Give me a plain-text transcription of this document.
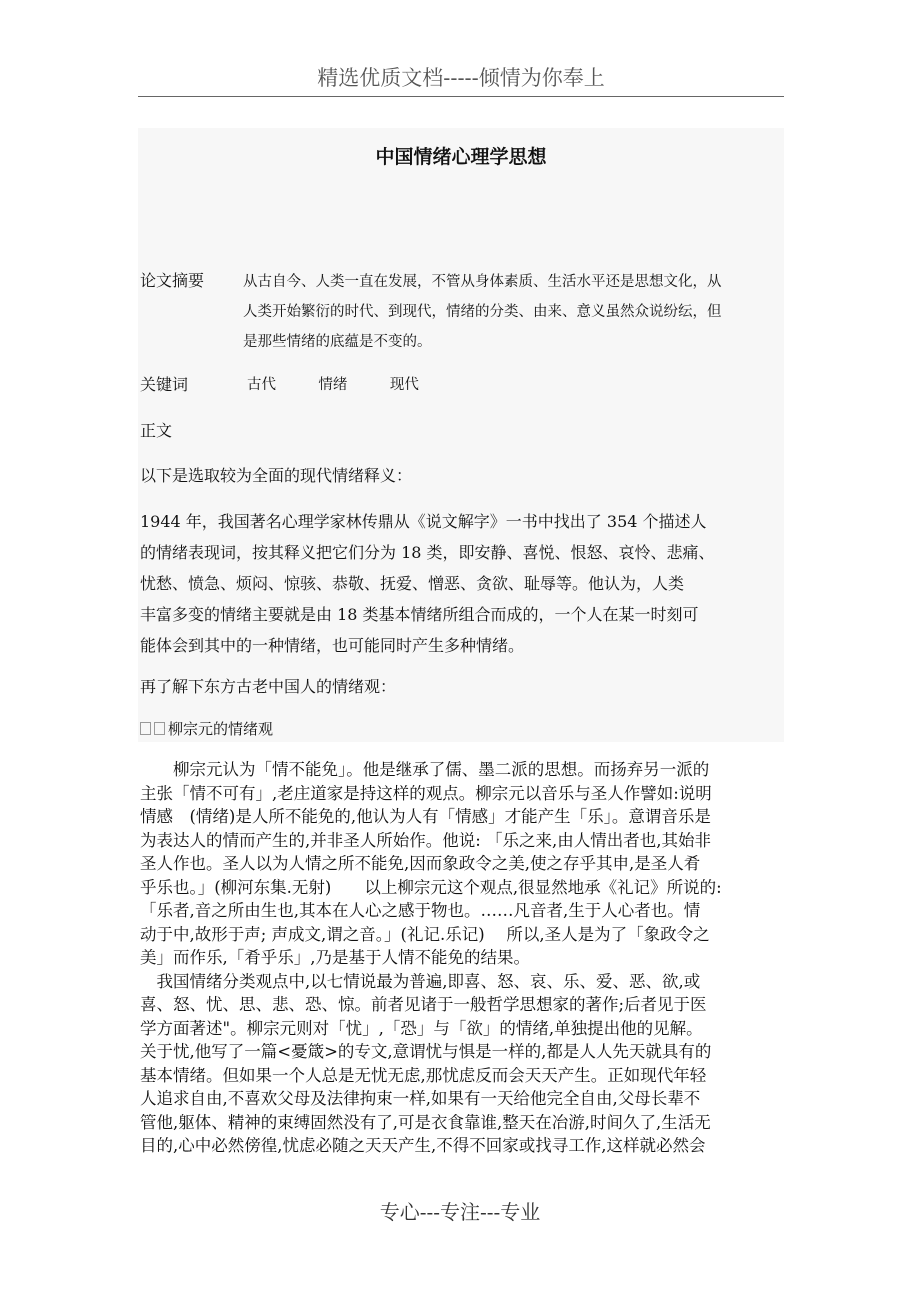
精选优质文档-----倾情为你奉上
中国情绪心理学思想
论文摘要	从古自今、人类一直在发展，不管从身体素质、生活水平还是思想文化，从
人类开始繁衍的时代、到现代，情绪的分类、由来、意义虽然众说纷纭，但
是那些情绪的底蕴是不变的。
关键词	古代    情绪    现代
正文
以下是选取较为全面的现代情绪释义：
1944 年，我国著名心理学家林传鼎从《说文解字》一书中找出了 354 个描述人
的情绪表现词，按其释义把它们分为 18 类，即安静、喜悦、恨怒、哀怜、悲痛、
忧愁、愤急、烦闷、惊骇、恭敬、抚爱、憎恶、贪欲、耻辱等。他认为，人类
丰富多变的情绪主要就是由 18 类基本情绪所组合而成的，一个人在某一时刻可
能体会到其中的一种情绪，也可能同时产生多种情绪。
再了解下东方古老中国人的情绪观：
柳宗元的情绪观

柳宗元认为「情不能免」。他是继承了儒、墨二派的思想。而扬弃另一派的

主张「情不可有」,老庄道家是持这样的观点。柳宗元以音乐与圣人作譬如:说明

情感　(情绪)是人所不能免的,他认为人有「情感」才能产生「乐」。意谓音乐是

为表达人的情而产生的,并非圣人所始作。他说: 「乐之来,由人情出者也,其始非

圣人作也。圣人以为人情之所不能免,因而象政令之美,使之存乎其申,是圣人肴

乎乐也。」(柳河东集.无射)　　以上柳宗元这个观点,很显然地承《礼记》所说的:

「乐者,音之所由生也,其本在人心之感于物也。……凡音者,生于人心者也。情

动于中,故形于声; 声成文,谓之音。」(礼记.乐记)　 所以,圣人是为了「象政令之

美」而作乐,「肴乎乐」,乃是基于人情不能免的结果。

我国情绪分类观点中,以七情说最为普遍,即喜、怒、哀、乐、爱、恶、欲,或

喜、怒、忧、思、悲、恐、惊。前者见诸于一般哲学思想家的著作;后者见于医

学方面著述"。柳宗元则对「忧」,「恐」与「欲」的情绪,单独提出他的见解。

关于忧,他写了一篇<憂箴>的专文,意谓忧与惧是一样的,都是人人先天就具有的

基本情绪。但如果一个人总是无忧无虑,那忧虑反而会天天产生。正如现代年轻

人追求自由,不喜欢父母及法律拘束一样,如果有一天给他完全自由,父母长辈不

管他,躯体、精神的束缚固然没有了,可是衣食靠谁,整天在冶游,时间久了,生活无

目的,心中必然傍徨,忧虑必随之天天产生,不得不回家或找寻工作,这样就必然会

专心---专注---专业
